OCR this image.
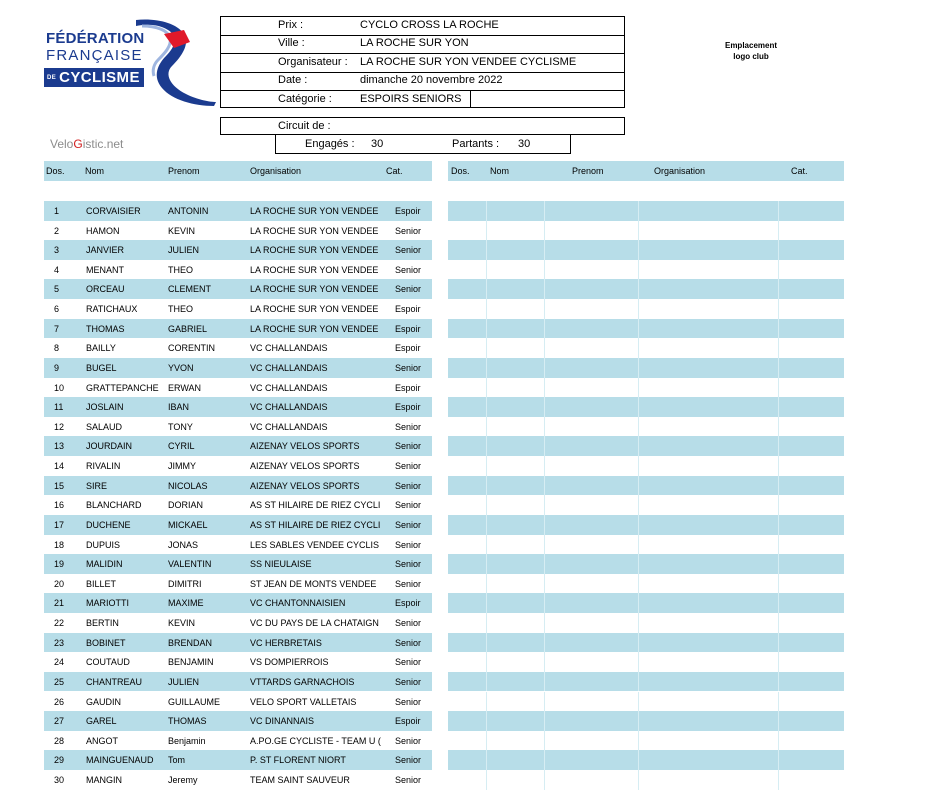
FÉDÉRATION
FRANÇAISE
DE CYCLISME
Prix :	CYCLO CROSS LA ROCHE
Ville :	LA ROCHE SUR YON
Organisateur : LA ROCHE SUR YON VENDEE CYCLISME
Date :	dimanche 20 novembre 2022
Catégorie :	ESPOIRS SENIORS
Circuit de :
Engagés : 30	Partants : 30
Emplacement
logo club
VeloGistic.net
Dos. Nom	Prenom	Organisation	Cat.	Dos. Nom	Prenom	Organisation	Cat.
1	CORVAISIER	ANTONIN	LA ROCHE SUR YON VENDEE	Espoir
2	HAMON	KEVIN	LA ROCHE SUR YON VENDEE	Senior
3	JANVIER	JULIEN	LA ROCHE SUR YON VENDEE	Senior
4	MENANT	THEO	LA ROCHE SUR YON VENDEE	Senior
5	ORCEAU	CLEMENT	LA ROCHE SUR YON VENDEE	Senior
6	RATICHAUX	THEO	LA ROCHE SUR YON VENDEE	Espoir
7	THOMAS	GABRIEL	LA ROCHE SUR YON VENDEE	Espoir
8	BAILLY	CORENTIN	VC CHALLANDAIS	Espoir
9	BUGEL	YVON	VC CHALLANDAIS	Senior
10 GRATTEPANCHE ERWAN	VC CHALLANDAIS	Espoir
11	JOSLAIN	IBAN	VC CHALLANDAIS	Espoir
12 SALAUD	TONY	VC CHALLANDAIS	Senior
13 JOURDAIN	CYRIL	AIZENAY VELOS SPORTS	Senior
14 RIVALIN	JIMMY	AIZENAY VELOS SPORTS	Senior
15 SIRE	NICOLAS	AIZENAY VELOS SPORTS	Senior
16 BLANCHARD	DORIAN	AS ST HILAIRE DE RIEZ CYCLI	Senior
17 DUCHENE	MICKAEL	AS ST HILAIRE DE RIEZ CYCLI	Senior
18 DUPUIS	JONAS	LES SABLES VENDEE CYCLIS	Senior
19 MALIDIN	VALENTIN	SS NIEULAISE	Senior
20 BILLET	DIMITRI	ST JEAN DE MONTS VENDEE	Senior
21 MARIOTTI	MAXIME	VC CHANTONNAISIEN	Espoir
22 BERTIN	KEVIN	VC DU PAYS DE LA CHATAIGN	Senior
23 BOBINET	BRENDAN	VC HERBRETAIS	Senior
24 COUTAUD	BENJAMIN	VS DOMPIERROIS	Senior
25 CHANTREAU	JULIEN	VTTARDS GARNACHOIS	Senior
26 GAUDIN	GUILLAUME	VELO SPORT VALLETAIS	Senior
27 GAREL	THOMAS	VC DINANNAIS	Espoir
28 ANGOT	Benjamin	A.PO.GE CYCLISTE - TEAM U (	Senior
29 MAINGUENAUD Tom	P. ST FLORENT NIORT	Senior
30 MANGIN	Jeremy	TEAM SAINT SAUVEUR	Senior
